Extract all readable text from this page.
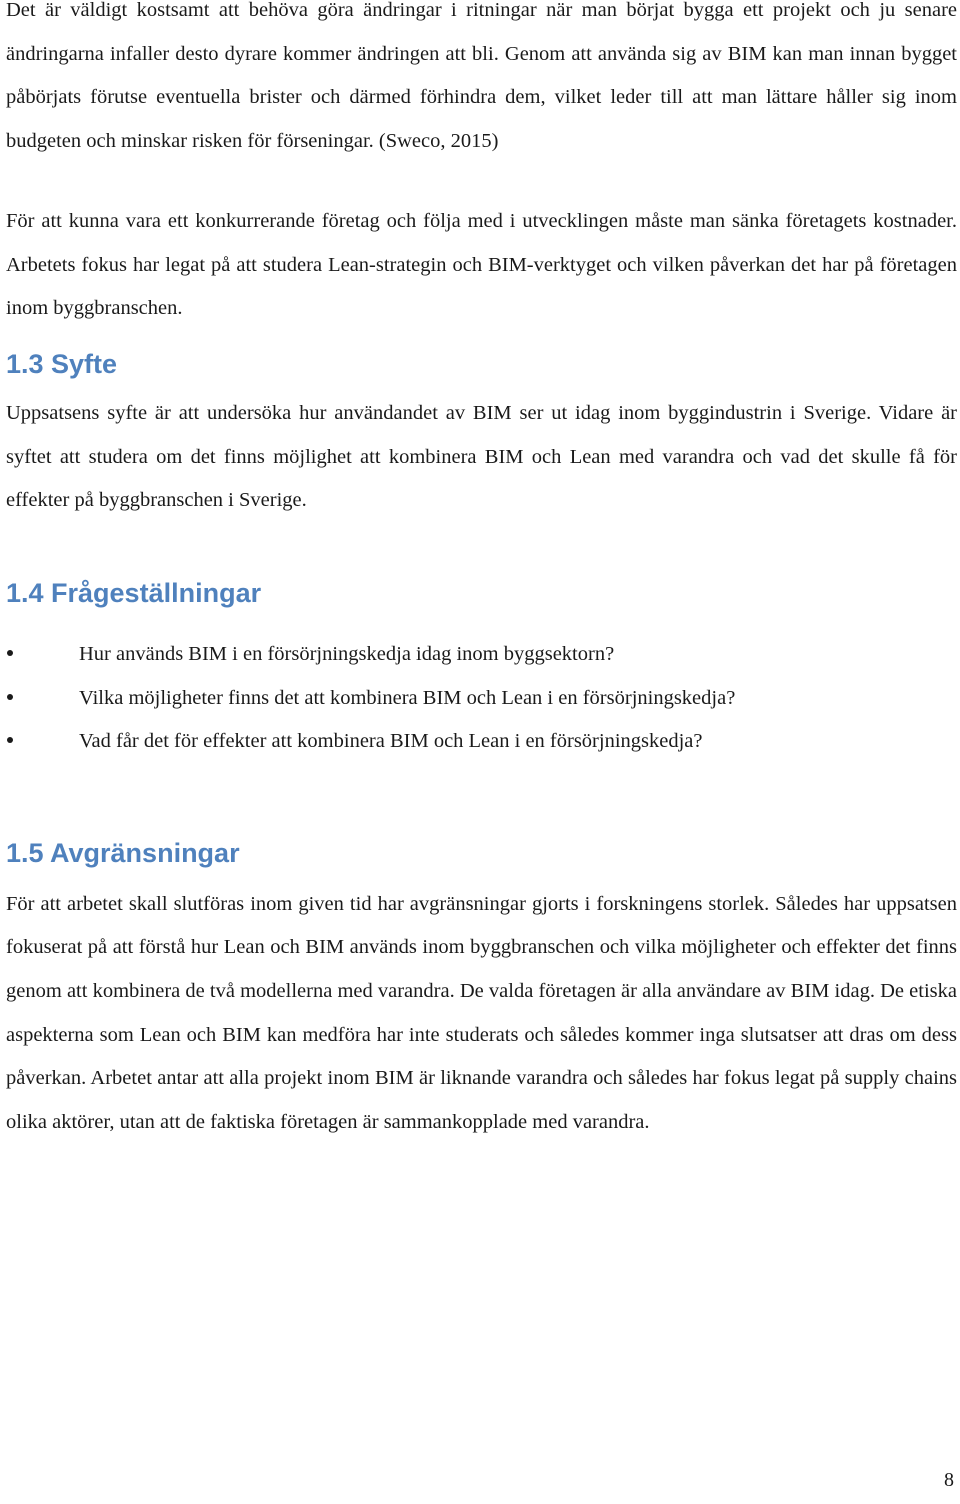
Det är väldigt kostsamt att behöva göra ändringar i ritningar när man börjat bygga ett projekt och ju senare ändringarna infaller desto dyrare kommer ändringen att bli. Genom att använda sig av BIM kan man innan bygget påbörjats förutse eventuella brister och därmed förhindra dem, vilket leder till att man lättare håller sig inom budgeten och minskar risken för förseningar. (Sweco, 2015)

För att kunna vara ett konkurrerande företag och följa med i utvecklingen måste man sänka företagets kostnader. Arbetets fokus har legat på att studera Lean-strategin och BIM-verktyget och vilken påverkan det har på företagen inom byggbranschen.

1.3 Syfte

Uppsatsens syfte är att undersöka hur användandet av BIM ser ut idag inom byggindustrin i Sverige. Vidare är syftet att studera om det finns möjlighet att kombinera BIM och Lean med varandra och vad det skulle få för effekter på byggbranschen i Sverige.

1.4 Frågeställningar
Hur används BIM i en försörjningskedja idag inom byggsektorn?
Vilka möjligheter finns det att kombinera BIM och Lean i en försörjningskedja?
Vad får det för effekter att kombinera BIM och Lean i en försörjningskedja?
1.5 Avgränsningar

För att arbetet skall slutföras inom given tid har avgränsningar gjorts i forskningens storlek. Således har uppsatsen fokuserat på att förstå hur Lean och BIM används inom byggbranschen och vilka möjligheter och effekter det finns genom att kombinera de två modellerna med varandra. De valda företagen är alla användare av BIM idag. De etiska aspekterna som Lean och BIM kan medföra har inte studerats och således kommer inga slutsatser att dras om dess påverkan. Arbetet antar att alla projekt inom BIM är liknande varandra och således har fokus legat på supply chains olika aktörer, utan att de faktiska företagen är sammankopplade med varandra.

8
